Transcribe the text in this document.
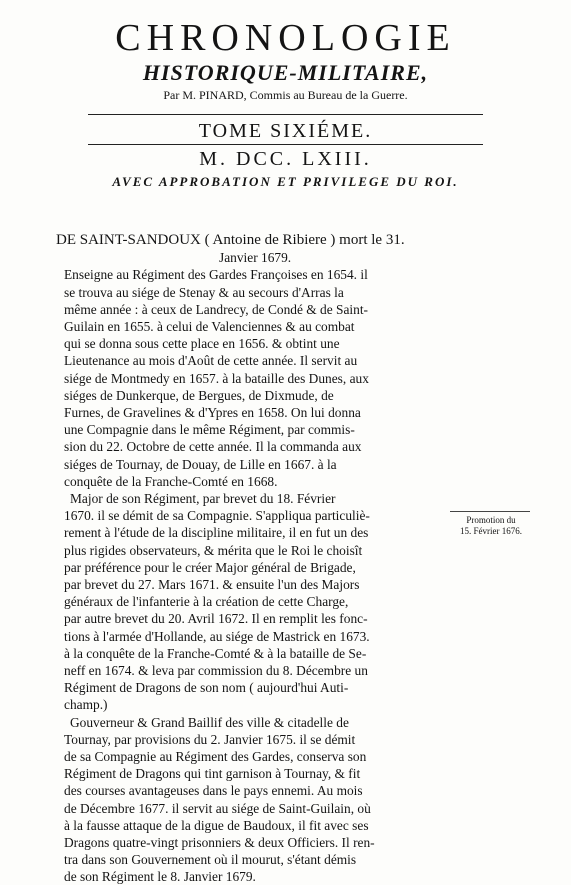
CHRONOLOGIE
HISTORIQUE-MILITAIRE,
Par M. PINARD, Commis au Bureau de la Guerre.
TOME SIXIÉME.
M. DCC. LXIII.
AVEC APPROBATION ET PRIVILEGE DU ROI.
DE SAINT-SANDOUX ( Antoine de Ribiere ) mort le 31.
Janvier 1679.
Enseigne au Régiment des Gardes Françoises en 1654. il
se trouva au siége de Stenay & au secours d'Arras la
même année : à ceux de Landrecy, de Condé & de Saint-
Guilain en 1655. à celui de Valenciennes & au combat
qui se donna sous cette place en 1656. & obtint une
Lieutenance au mois d'Août de cette année. Il servit au
siége de Montmedy en 1657. à la bataille des Dunes, aux
siéges de Dunkerque, de Bergues, de Dixmude, de
Furnes, de Gravelines & d'Ypres en 1658. On lui donna
une Compagnie dans le même Régiment, par commis-
sion du 22. Octobre de cette année. Il la commanda aux
siéges de Tournay, de Douay, de Lille en 1667. à la
conquête de la Franche-Comté en 1668.
Major de son Régiment, par brevet du 18. Février
1670. il se démit de sa Compagnie. S'appliqua particuliè-
rement à l'étude de la discipline militaire, il en fut un des
plus rigides observateurs, & mérita que le Roi le choisît
par préférence pour le créer Major général de Brigade,
par brevet du 27. Mars 1671. & ensuite l'un des Majors
généraux de l'infanterie à la création de cette Charge,
par autre brevet du 20. Avril 1672. Il en remplit les fonc-
tions à l'armée d'Hollande, au siége de Mastrick en 1673.
à la conquête de la Franche-Comté & à la bataille de Se-
neff en 1674. & leva par commission du 8. Décembre un
Régiment de Dragons de son nom ( aujourd'hui Auti-
champ.)
Gouverneur & Grand Baillif des ville & citadelle de
Tournay, par provisions du 2. Janvier 1675. il se démit
de sa Compagnie au Régiment des Gardes, conserva son
Régiment de Dragons qui tint garnison à Tournay, & fit
des courses avantageuses dans le pays ennemi. Au mois
de Décembre 1677. il servit au siége de Saint-Guilain, où
à la fausse attaque de la digue de Baudoux, il fit avec ses
Dragons quatre-vingt prisonniers & deux Officiers. Il ren-
tra dans son Gouvernement où il mourut, s'étant démis
de son Régiment le 8. Janvier 1679.
Promotion du
15. Février 1676.
